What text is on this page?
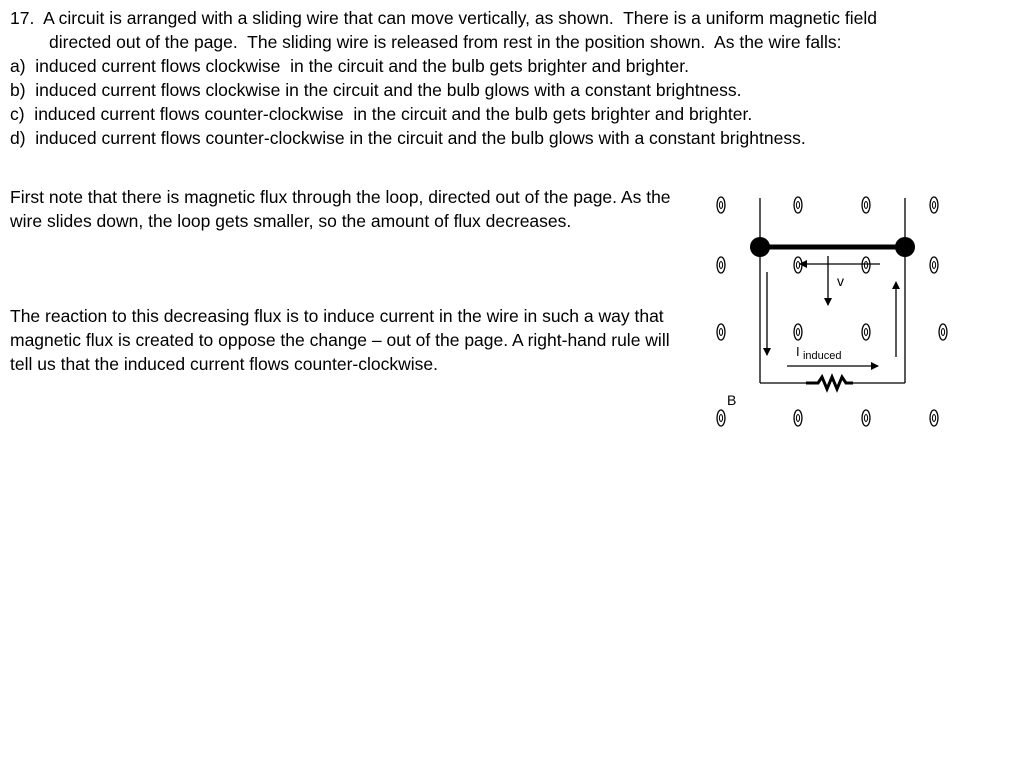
17.  A circuit is arranged with a sliding wire that can move vertically, as shown.  There is a uniform magnetic field
directed out of the page.  The sliding wire is released from rest in the position shown.  As the wire falls:
a)  induced current flows clockwise  in the circuit and the bulb gets brighter and brighter.
b)  induced current flows clockwise in the circuit and the bulb glows with a constant brightness.
c)  induced current flows counter-clockwise  in the circuit and the bulb gets brighter and brighter.
d)  induced current flows counter-clockwise in the circuit and the bulb glows with a constant brightness.

First note that there is magnetic flux through the loop, directed out of the page. As the wire slides down, the loop gets smaller, so the amount of flux decreases.

The reaction to this decreasing flux is to induce current in the wire in such a way that magnetic flux is created to oppose the change – out of the page. A right-hand rule will tell us that the induced current flows counter-clockwise.

v
I induced
B
